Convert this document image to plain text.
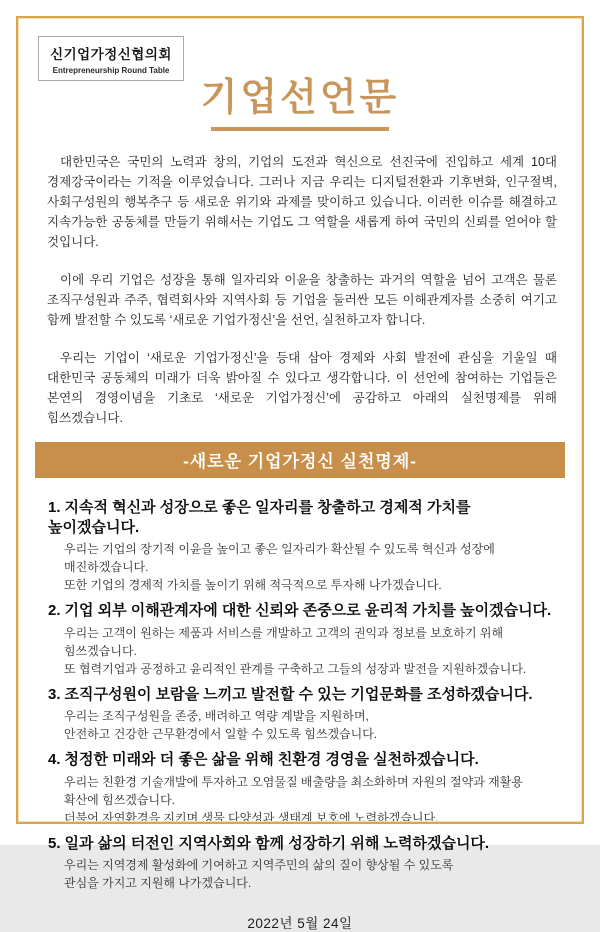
신기업가정신협의회
Entrepreneurship Round Table
기업선언문

대한민국은 국민의 노력과 창의, 기업의 도전과 혁신으로 선진국에 진입하고 세계 10대 경제강국이라는 기적을 이루었습니다. 그러나 지금 우리는 디지털전환과 기후변화, 인구절벽, 사회구성원의 행복추구 등 새로운 위기와 과제를 맞이하고 있습니다. 이러한 이슈를 해결하고 지속가능한 공동체를 만들기 위해서는 기업도 그 역할을 새롭게 하여 국민의 신뢰를 얻어야 할 것입니다.

이에 우리 기업은 성장을 통해 일자리와 이윤을 창출하는 과거의 역할을 넘어 고객은 물론 조직구성원과 주주, 협력회사와 지역사회 등 기업을 둘러싼 모든 이해관계자를 소중히 여기고 함께 발전할 수 있도록 ‘새로운 기업가정신’을 선언, 실천하고자 합니다.

우리는 기업이 ‘새로운 기업가정신’을 등대 삼아 경제와 사회 발전에 관심을 기울일 때 대한민국 공동체의 미래가 더욱 밝아질 수 있다고 생각합니다. 이 선언에 참여하는 기업들은 본연의 경영이념을 기초로 ‘새로운 기업가정신’에 공감하고 아래의 실천명제를 위해 힘쓰겠습니다.

-새로운 기업가정신 실천명제-
1. 지속적 혁신과 성장으로 좋은 일자리를 창출하고 경제적 가치를 높이겠습니다.
우리는 기업의 장기적 이윤을 높이고 좋은 일자리가 확산될 수 있도록 혁신과 성장에 매진하겠습니다.
또한 기업의 경제적 가치를 높이기 위해 적극적으로 투자해 나가겠습니다.
2. 기업 외부 이해관계자에 대한 신뢰와 존중으로 윤리적 가치를 높이겠습니다.
우리는 고객이 원하는 제품과 서비스를 개발하고 고객의 권익과 정보를 보호하기 위해 힘쓰겠습니다.
또 협력기업과 공정하고 윤리적인 관계를 구축하고 그들의 성장과 발전을 지원하겠습니다.
3. 조직구성원이 보람을 느끼고 발전할 수 있는 기업문화를 조성하겠습니다.
우리는 조직구성원을 존중, 배려하고 역량 계발을 지원하며,
안전하고 건강한 근무환경에서 일할 수 있도록 힘쓰겠습니다.
4. 청정한 미래와 더 좋은 삶을 위해 친환경 경영을 실천하겠습니다.
우리는 친환경 기술개발에 투자하고 오염물질 배출량을 최소화하며 자원의 절약과 재활용 확산에 힘쓰겠습니다.
더불어 자연환경을 지키며 생물 다양성과 생태계 보호에 노력하겠습니다.
5. 일과 삶의 터전인 지역사회와 함께 성장하기 위해 노력하겠습니다.
우리는 지역경제 활성화에 기여하고 지역주민의 삶의 질이 향상될 수 있도록
관심을 가지고 지원해 나가겠습니다.
2022년 5월 24일
